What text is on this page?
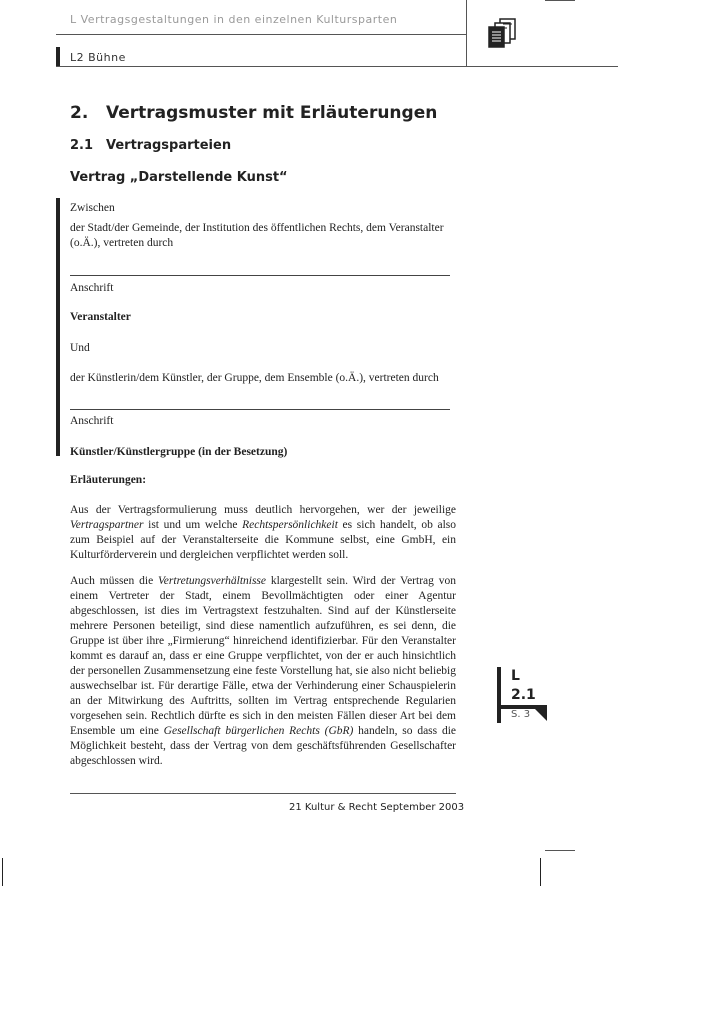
L Vertragsgestaltungen in den einzelnen Kultursparten
L2 Bühne
2. Vertragsmuster mit Erläuterungen
2.1 Vertragsparteien
Vertrag „Darstellende Kunst“
Zwischen
der Stadt/der Gemeinde, der Institution des öffentlichen Rechts, dem Veranstalter (o.Ä.), vertreten durch
Anschrift
Veranstalter
Und
der Künstlerin/dem Künstler, der Gruppe, dem Ensemble (o.Ä.), vertreten durch
Anschrift
Künstler/Künstlergruppe (in der Besetzung)
Erläuterungen:
Aus der Vertragsformulierung muss deutlich hervorgehen, wer der jeweilige Vertragspartner ist und um welche Rechtspersönlichkeit es sich handelt, ob also zum Beispiel auf der Veranstalterseite die Kommune selbst, eine GmbH, ein Kulturförderverein und dergleichen verpflichtet werden soll.
Auch müssen die Vertretungsverhältnisse klargestellt sein. Wird der Vertrag von einem Vertreter der Stadt, einem Bevollmächtigten oder einer Agentur abgeschlossen, ist dies im Vertragstext festzuhalten. Sind auf der Künstlerseite mehrere Personen beteiligt, sind diese namentlich aufzuführen, es sei denn, die Gruppe ist über ihre „Firmierung“ hinreichend identifizierbar. Für den Veranstalter kommt es darauf an, dass er eine Gruppe verpflichtet, von der er auch hinsichtlich der personellen Zusammensetzung eine feste Vorstellung hat, sie also nicht beliebig auswechselbar ist. Für derartige Fälle, etwa der Verhinderung einer Schauspielerin an der Mitwirkung des Auftritts, sollten im Vertrag entsprechende Regularien vorgesehen sein. Rechtlich dürfte es sich in den meisten Fällen dieser Art bei dem Ensemble um eine Gesellschaft bürgerlichen Rechts (GbR) handeln, so dass die Möglichkeit besteht, dass der Vertrag von dem geschäftsführenden Gesellschafter abgeschlossen wird.
L
2.1
S. 3
21 Kultur & Recht September 2003
